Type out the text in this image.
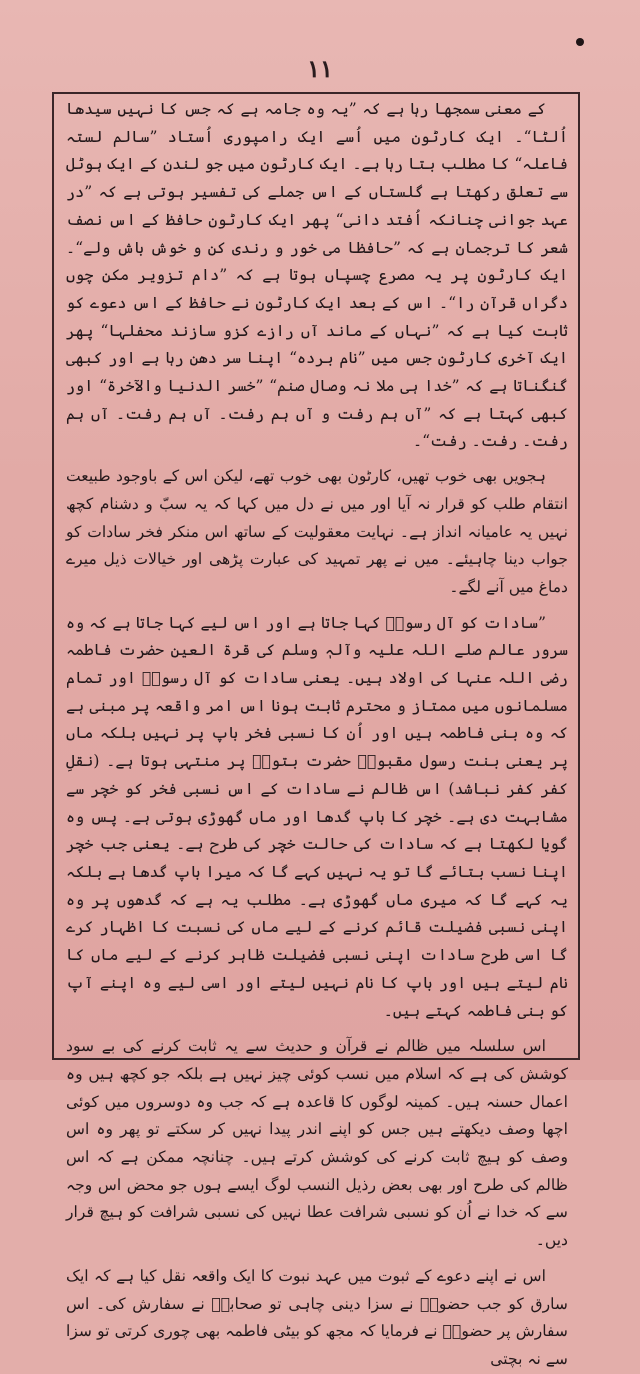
۱۱

کے معنی سمجھا رہا ہے کہ ”یہ وہ جامہ ہے کہ جس کا نہیں سیدھا اُلٹا“۔ ایک کارٹون میں اُسے ایک رامپوری اُستاد ”سالم لستہ فاعلہ“ کا مطلب بتا رہا ہے۔ ایک کارٹون میں جو لندن کے ایک ہوٹل سے تعلق رکھتا ہے گلستاں کے اس جملے کی تفسیر ہوتی ہے کہ ”در عہد جوانی چنانکہ اُفتد دانی“ پھر ایک کارٹون حافظ کے اس نصف شعر کا ترجمان ہے کہ ”حافظا می خور و رندی کن و خوش باش ولے“۔ ایک کارٹون پر یہ مصرع چسپاں ہوتا ہے کہ ”دام تزویر مکن چوں دگراں قرآن را“۔ اس کے بعد ایک کارٹون نے حافظ کے اس دعوے کو ثابت کیا ہے کہ ”نہاں کے ماند آں رازے کزو سازند محفلہا“ پھر ایک آخری کارٹون جس میں ”نام بردہ“ اپنا سر دھن رہا ہے اور کبھی گنگناتا ہے کہ ”خدا ہی ملا نہ وصال صنم“ ”خسر الدنیا والآخرۃ“ اور کبھی کہتا ہے کہ ”آں ہم رفت و آں ہم رفت۔ آں ہم رفت۔ آں ہم رفت۔ رفت۔ رفت“۔

ہجویں بھی خوب تھیں، کارٹون بھی خوب تھے، لیکن اس کے باوجود طبیعت انتقام طلب کو قرار نہ آیا اور میں نے دل میں کہا کہ یہ سبّ و دشنام کچھ نہیں یہ عامیانہ انداز ہے۔ نہایت معقولیت کے ساتھ اس منکر فخر سادات کو جواب دینا چاہیئے۔ میں نے پھر تمہید کی عبارت پڑھی اور خیالات ذیل میرے دماغ میں آنے لگے۔

”سادات کو آل رسولؐ کہا جاتا ہے اور اس لیے کہا جاتا ہے کہ وہ سرور عالم صلے اللہ علیہ وآلہٖ وسلم کی قرۃ العین حضرت فاطمہ رضی اللہ عنہا کی اولاد ہیں۔ یعنی سادات کو آل رسولؐ اور تمام مسلمانوں میں ممتاز و محترم ثابت ہونا اس امر واقعہ پر مبنی ہے کہ وہ بنی فاطمہ ہیں اور اُن کا نسبی فخر باپ پر نہیں بلکہ ماں پر یعنی بنت رسول مقبولؐ حضرت بتولؑ پر منتہی ہوتا ہے۔ (نقلِ کفر کفر نباشد) اس ظالم نے سادات کے اس نسبی فخر کو خچر سے مشابہت دی ہے۔ خچر کا باپ گدھا اور ماں گھوڑی ہوتی ہے۔ پس وہ گویا لکھتا ہے کہ سادات کی حالت خچر کی طرح ہے۔ یعنی جب خچر اپنا نسب بتائے گا تو یہ نہیں کہے گا کہ میرا باپ گدھا ہے بلکہ یہ کہے گا کہ میری ماں گھوڑی ہے۔ مطلب یہ ہے کہ گدھوں پر وہ اپنی نسبی فضیلت قائم کرنے کے لیے ماں کی نسبت کا اظہار کرے گا اسی طرح سادات اپنی نسبی فضیلت ظاہر کرنے کے لیے ماں کا نام لیتے ہیں اور باپ کا نام نہیں لیتے اور اسی لیے وہ اپنے آپ کو بنی فاطمہ کہتے ہیں۔

اس سلسلہ میں ظالم نے قرآن و حدیث سے یہ ثابت کرنے کی بے سود کوشش کی ہے کہ اسلام میں نسب کوئی چیز نہیں ہے بلکہ جو کچھ ہیں وہ اعمال حسنہ ہیں۔ کمینہ لوگوں کا قاعدہ ہے کہ جب وہ دوسروں میں کوئی اچھا وصف دیکھتے ہیں جس کو اپنے اندر پیدا نہیں کر سکتے تو پھر وہ اس وصف کو ہیچ ثابت کرنے کی کوشش کرتے ہیں۔ چنانچہ ممکن ہے کہ اس ظالم کی طرح اور بھی بعض رذیل النسب لوگ ایسے ہوں جو محض اس وجہ سے کہ خدا نے اُن کو نسبی شرافت عطا نہیں کی نسبی شرافت کو ہیچ قرار دیں۔

اس نے اپنے دعوے کے ثبوت میں عہد نبوت کا ایک واقعہ نقل کیا ہے کہ ایک سارق کو جب حضورؐ نے سزا دینی چاہی تو صحابہؓ نے سفارش کی۔ اس سفارش پر حضورؐ نے فرمایا کہ مجھ کو بیٹی فاطمہ بھی چوری کرتی تو سزا سے نہ بچتی
